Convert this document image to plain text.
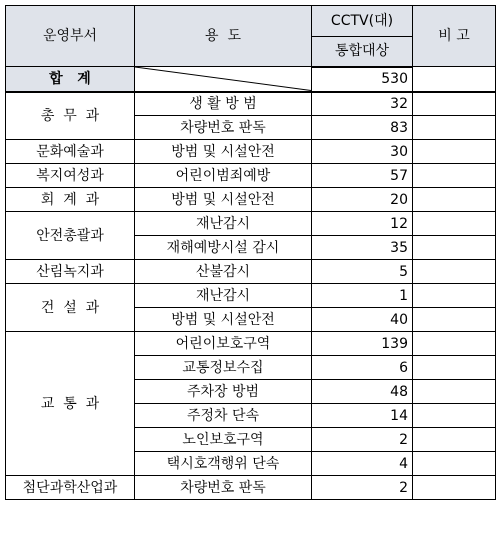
운영부서	용  도	CCTV(대)	비 고
		통합대상	
합   계		530	
총  무  과	생 활 방 범	32	
	차량번호 판독	83	
문화예술과	방범 및 시설안전	30	
복지여성과	어린이범죄예방	57	
회  계  과	방범 및 시설안전	20	
안전총괄과	재난감시	12	
	재해예방시설 감시	35	
산림녹지과	산불감시	5	
건  설  과	재난감시	1	
	방범 및 시설안전	40	
교  통  과	어린이보호구역	139	
	교통정보수집	6	
	주차장 방범	48	
	주정차 단속	14	
	노인보호구역	2	
	택시호객행위 단속	4	
첨단과학산업과	차량번호 판독	2	
